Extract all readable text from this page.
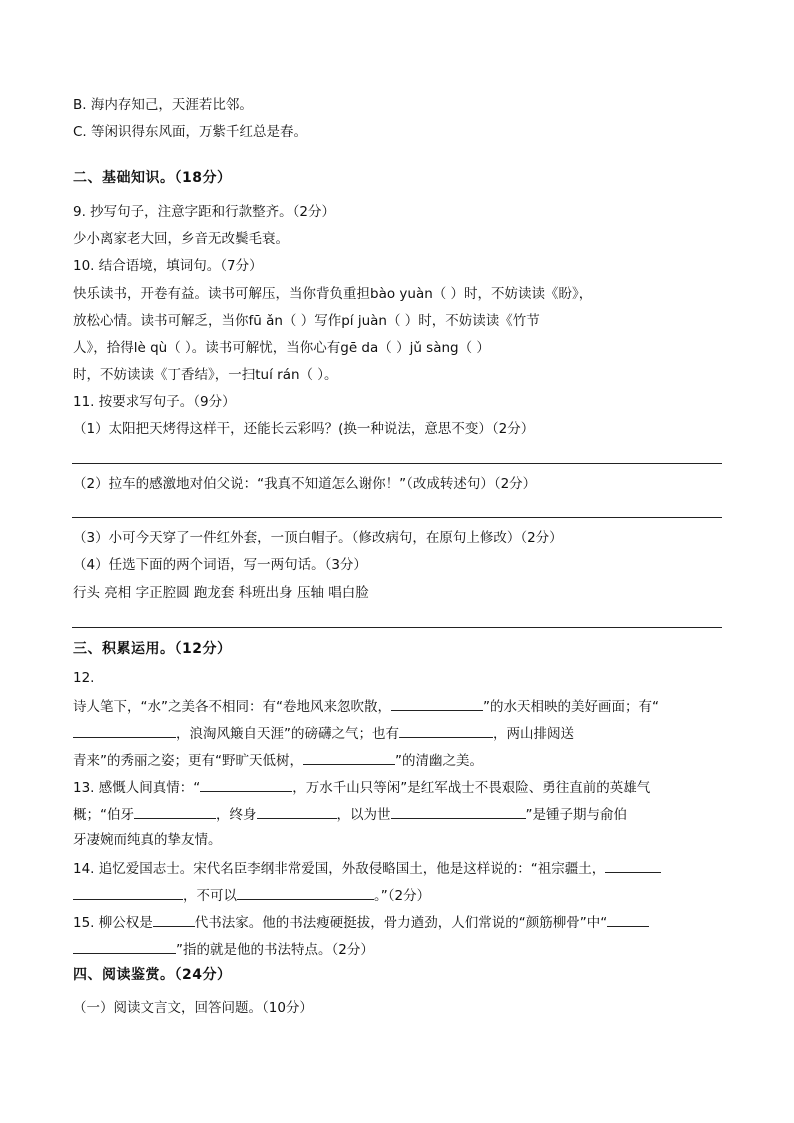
B. 海内存知己，天涯若比邻。
C. 等闲识得东风面，万紫千红总是春。
二、基础知识。（18分）
9. 抄写句子，注意字距和行款整齐。（2分）
少小离家老大回，乡音无改鬓毛衰。
10. 结合语境，填词句。（7分）
快乐读书，开卷有益。读书可解压，当你背负重担bào yuàn（ ）时，不妨读读《盼》，
放松心情。读书可解乏，当你fū ǎn（ ）写作pí juàn（ ）时，不妨读读《竹节
人》，拾得lè qù（ ）。读书可解忧，当你心有gē da（ ）jǔ sàng（ ）
时，不妨读读《丁香结》，一扫tuí rán（ ）。
11. 按要求写句子。（9分）
（1）太阳把天烤得这样干，还能长云彩吗？(换一种说法，意思不变）（2分）
（2）拉车的感激地对伯父说：“我真不知道怎么谢你！”（改成转述句）（2分）
（3）小可今天穿了一件红外套，一顶白帽子。（修改病句，在原句上修改）（2分）
（4）任选下面的两个词语，写一两句话。（3分）
行头 亮相 字正腔圆 跑龙套 科班出身 压轴 唱白脸
三、积累运用。（12分）
12.
诗人笔下，“水”之美各不相同：有“卷地风来忽吹散，	”的水天相映的美好画面；有“
，浪淘风簸自天涯”的磅礴之气；也有	，两山排闼送
青来”的秀丽之姿；更有“野旷天低树，	”的清幽之美。
13. 感慨人间真情：“	，万水千山只等闲”是红军战士不畏艰险、勇往直前的英雄气
概；“伯牙	，终身	，以为世	”是锺子期与俞伯
牙凄婉而纯真的挚友情。
14. 追忆爱国志士。宋代名臣李纲非常爱国，外敌侵略国土，他是这样说的：“祖宗疆土，
，不可以	。”（2分）
15. 柳公权是	代书法家。他的书法瘦硬挺拔，骨力遒劲，人们常说的“颜筋柳骨”中“
”指的就是他的书法特点。（2分）
四、阅读鉴赏。（24分）
（一）阅读文言文，回答问题。（10分）
